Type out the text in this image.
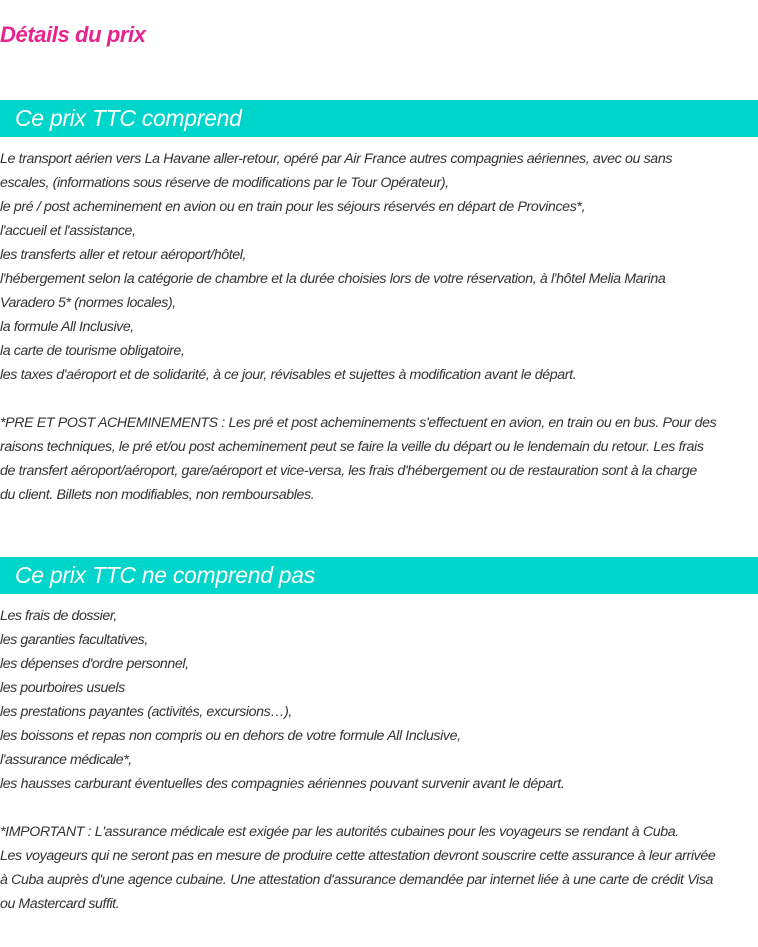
Détails du prix
Ce prix TTC comprend
Le transport aérien vers La Havane aller-retour, opéré par Air France autres compagnies aériennes, avec ou sans
escales, (informations sous réserve de modifications par le Tour Opérateur),
le pré / post acheminement en avion ou en train pour les séjours réservés en départ de Provinces*,
l'accueil et l'assistance,
les transferts aller et retour aéroport/hôtel,
l'hébergement selon la catégorie de chambre et la durée choisies lors de votre réservation, à l'hôtel Melia Marina
Varadero 5* (normes locales),
la formule All Inclusive,
la carte de tourisme obligatoire,
les taxes d'aéroport et de solidarité, à ce jour, révisables et sujettes à modification avant le départ.
*PRE ET POST ACHEMINEMENTS : Les pré et post acheminements s'effectuent en avion, en train ou en bus. Pour des
raisons techniques, le pré et/ou post acheminement peut se faire la veille du départ ou le lendemain du retour. Les frais
de transfert aéroport/aéroport, gare/aéroport et vice-versa, les frais d'hébergement ou de restauration sont à la charge
du client. Billets non modifiables, non remboursables.
Ce prix TTC ne comprend pas
Les frais de dossier,
les garanties facultatives,
les dépenses d'ordre personnel,
les pourboires usuels
les prestations payantes (activités, excursions…),
les boissons et repas non compris ou en dehors de votre formule All Inclusive,
l'assurance médicale*,
les hausses carburant éventuelles des compagnies aériennes pouvant survenir avant le départ.
*IMPORTANT : L'assurance médicale est exigée par les autorités cubaines pour les voyageurs se rendant à Cuba.
Les voyageurs qui ne seront pas en mesure de produire cette attestation devront souscrire cette assurance à leur arrivée
à Cuba auprès d'une agence cubaine. Une attestation d'assurance demandée par internet liée à une carte de crédit Visa
ou Mastercard suffit.
